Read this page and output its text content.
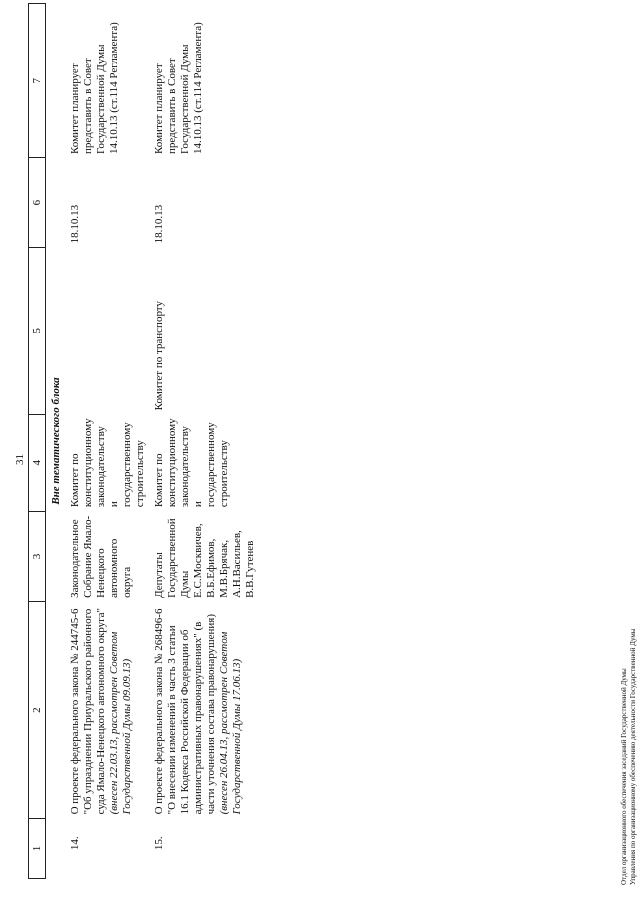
31
1	2	3	4	5	6	7
Вне тематического блока						
14.	О проекте федерального закона № 244745-6 "Об упразднении Приуральского районного суда Ямало-Ненецкого автономного округа" (внесен 22.03.13, рассмотрен Советом Государственной Думы 09.09.13)	Законодательное Собрание Ямало-Ненецкого автономного округа	Комитет по конституционному законодательству и государственному строительству		18.10.13	Комитет планирует представить в Совет Государственной Думы 14.10.13 (ст.114 Регламента)

15.	О проекте федерального закона № 268496-6 "О внесении изменений в часть 3 статьи 16.1 Кодекса Российской Федерации об административных правонарушениях" (в части уточнения состава правонарушения) (внесен 26.04.13, рассмотрен Советом Государственной Думы 17.06.13)	Депутаты Государственной Думы Е.С.Москвичев, В.Б.Ефимов, М.В.Брячак, А.Н.Васильев, В.В.Гутенев	Комитет по конституционному законодательству и государственному строительству	Комитет по транспорту	18.10.13	Комитет планирует представить в Совет Государственной Думы 14.10.13 (ст.114 Регламента)
Отдел организационного обеспечения заседаний Государственной Думы Управления по организационному обеспечению деятельности Государственной Думы
